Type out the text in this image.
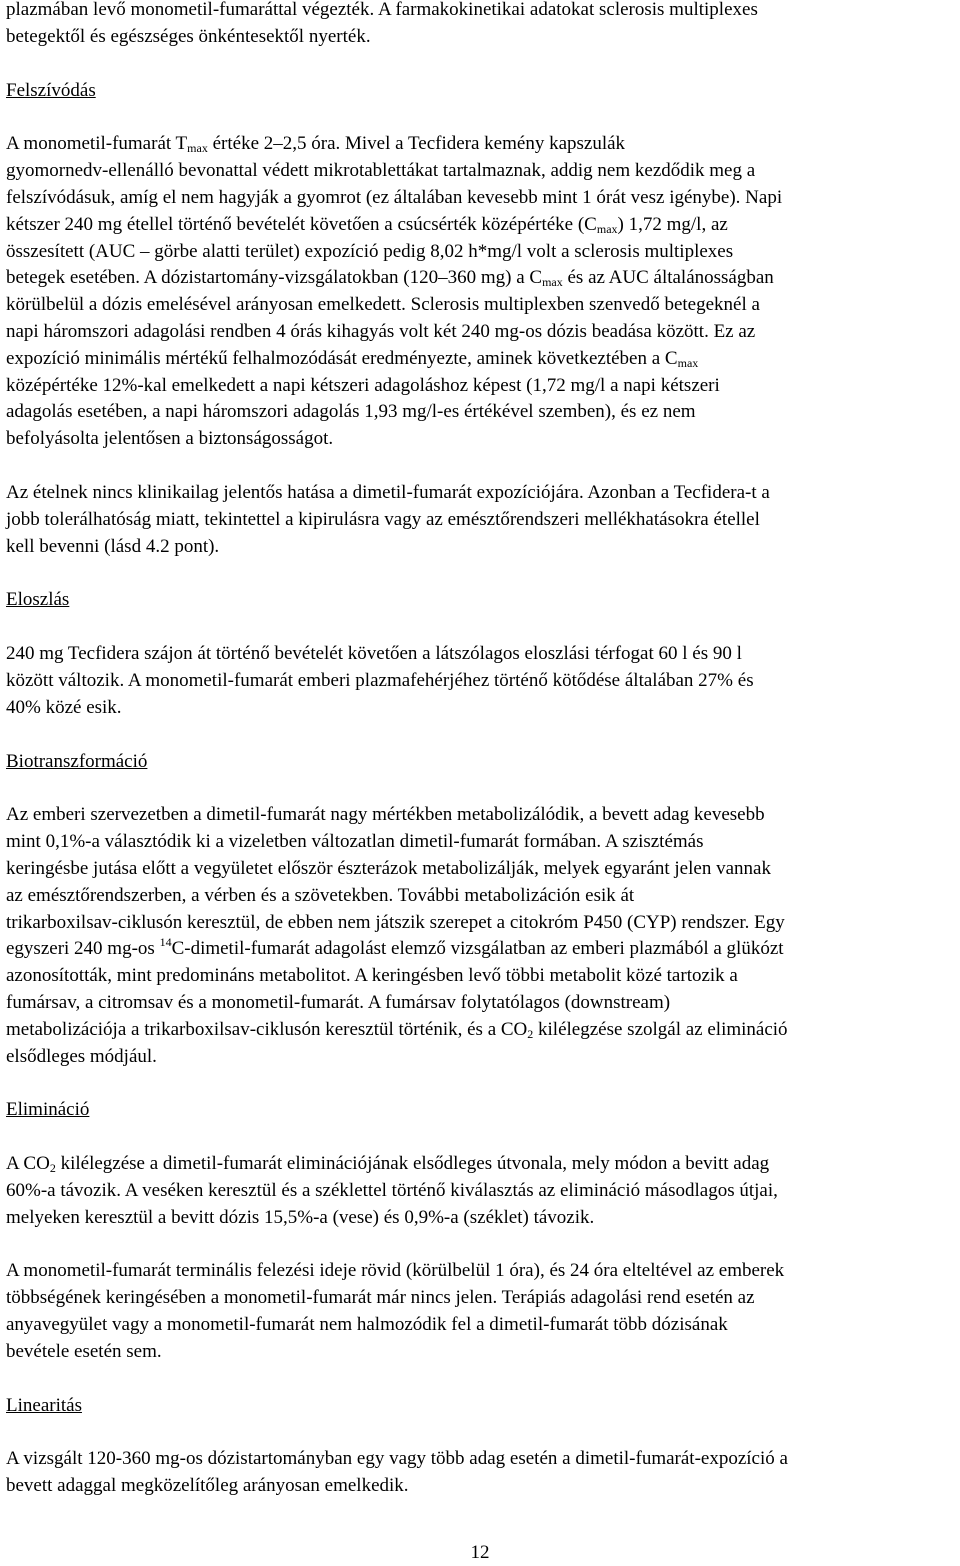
plazmában levő monometil-fumaráttal végezték. A farmakokinetikai adatokat sclerosis multiplexes
betegektől és egészséges önkéntesektől nyerték.

Felszívódás

A monometil-fumarát $T_{max}$ értéke 2–2,5 óra. Mivel a Tecfidera kemény kapszulák
gyomornedv-ellenálló bevonattal védett mikrotablettákat tartalmaznak, addig nem kezdődik meg a
felszívódásuk, amíg el nem hagyják a gyomrot (ez általában kevesebb mint 1 órát vesz igénybe). Napi
kétszer 240 mg étellel történő bevételét követően a csúcsérték középértéke $(C_{max})$ 1,72 mg/l, az
összesített (AUC – görbe alatti terület) expozíció pedig 8,02 h*mg/l volt a sclerosis multiplexes
betegek esetében. A dózistartomány-vizsgálatokban (120–360 mg) a $C_{max}$ és az AUC általánosságban
körülbelül a dózis emelésével arányosan emelkedett. Sclerosis multiplexben szenvedő betegeknél a
napi háromszori adagolási rendben 4 órás kihagyás volt két 240 mg-os dózis beadása között. Ez az
expozíció minimális mértékű felhalmozódását eredményezte, aminek következtében a $C_{max}$
középértéke 12%-kal emelkedett a napi kétszeri adagoláshoz képest (1,72 mg/l a napi kétszeri
adagolás esetében, a napi háromszori adagolás 1,93 mg/l-es értékével szemben), és ez nem
befolyásolta jelentősen a biztonságosságot.

Az ételnek nincs klinikailag jelentős hatása a dimetil-fumarát expozíciójára. Azonban a Tecfidera-t a
jobb tolerálhatóság miatt, tekintettel a kipirulásra vagy az emésztőrendszeri mellékhatásokra étellel
kell bevenni (lásd 4.2 pont).

Eloszlás

240 mg Tecfidera szájon át történő bevételét követően a látszólagos eloszlási térfogat 60 l és 90 l
között változik. A monometil-fumarát emberi plazmafehérjéhez történő kötődése általában 27% és
40% közé esik.

Biotranszformáció

Az emberi szervezetben a dimetil-fumarát nagy mértékben metabolizálódik, a bevett adag kevesebb
mint 0,1%-a választódik ki a vizeletben változatlan dimetil-fumarát formában. A szisztémás
keringésbe jutása előtt a vegyületet először észterázok metabolizálják, melyek egyaránt jelen vannak
az emésztőrendszerben, a vérben és a szövetekben. További metabolizáción esik át
trikarboxilsav-ciklusón keresztül, de ebben nem játszik szerepet a citokróm P450 (CYP) rendszer. Egy
egyszeri 240 mg-os $^{14}$C-dimetil-fumarát adagolást elemző vizsgálatban az emberi plazmából a glükózt
azonosították, mint predomináns metabolitot. A keringésben levő többi metabolit közé tartozik a
fumársav, a citromsav és a monometil-fumarát. A fumársav folytatólagos (downstream)
metabolizációja a trikarboxilsav-ciklusón keresztül történik, és a $CO_2$ kilélegzése szolgál az elimináció
elsődleges módjául.

Elimináció

A $CO_2$ kilélegzése a dimetil-fumarát eliminációjának elsődleges útvonala, mely módon a bevitt adag
60%-a távozik. A veséken keresztül és a széklettel történő kiválasztás az elimináció másodlagos útjai,
melyeken keresztül a bevitt dózis 15,5%-a (vese) és 0,9%-a (széklet) távozik.

A monometil-fumarát terminális felezési ideje rövid (körülbelül 1 óra), és 24 óra elteltével az emberek
többségének keringésében a monometil-fumarát már nincs jelen. Terápiás adagolási rend esetén az
anyavegyület vagy a monometil-fumarát nem halmozódik fel a dimetil-fumarát több dózisának
bevétele esetén sem.

Linearitás

A vizsgált 120-360 mg-os dózistartományban egy vagy több adag esetén a dimetil-fumarát-expozíció a
bevett adaggal megközelítőleg arányosan emelkedik.

12
